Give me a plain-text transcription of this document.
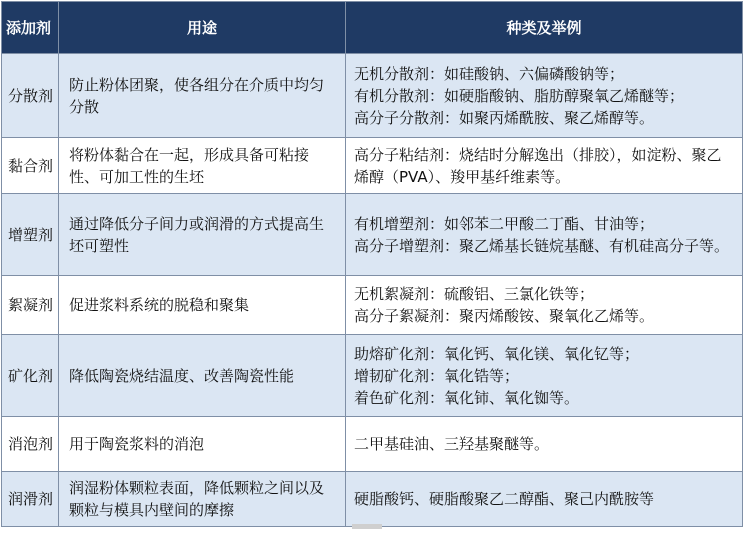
添加剂	用途	种类及举例
分散剂	防止粉体团聚，使各组分在介质中均匀分散	无机分散剂：如硅酸钠、六偏磷酸钠等；
有机分散剂：如硬脂酸钠、脂肪醇聚氧乙烯醚等；
高分子分散剂：如聚丙烯酰胺、聚乙烯醇等。

黏合剂	将粉体黏合在一起，形成具备可粘接性、可加工性的生坯	高分子粘结剂：烧结时分解逸出（排胶），如淀粉、聚乙烯醇（PVA）、羧甲基纤维素等。

增塑剂	通过降低分子间力或润滑的方式提高生坯可塑性	有机增塑剂：如邻苯二甲酸二丁酯、甘油等；
高分子增塑剂：聚乙烯基长链烷基醚、有机硅高分子等。

絮凝剂	促进浆料系统的脱稳和聚集	无机絮凝剂：硫酸铝、三氯化铁等；
高分子絮凝剂：聚丙烯酸铵、聚氧化乙烯等。

矿化剂	降低陶瓷烧结温度、改善陶瓷性能	助熔矿化剂：氧化钙、氧化镁、氧化钇等；
增韧矿化剂：氧化锆等；
着色矿化剂：氧化铈、氧化铷等。

消泡剂	用于陶瓷浆料的消泡	二甲基硅油、三羟基聚醚等。

润滑剂	润湿粉体颗粒表面，降低颗粒之间以及颗粒与模具内壁间的摩擦	硬脂酸钙、硬脂酸聚乙二醇酯、聚己内酰胺等
